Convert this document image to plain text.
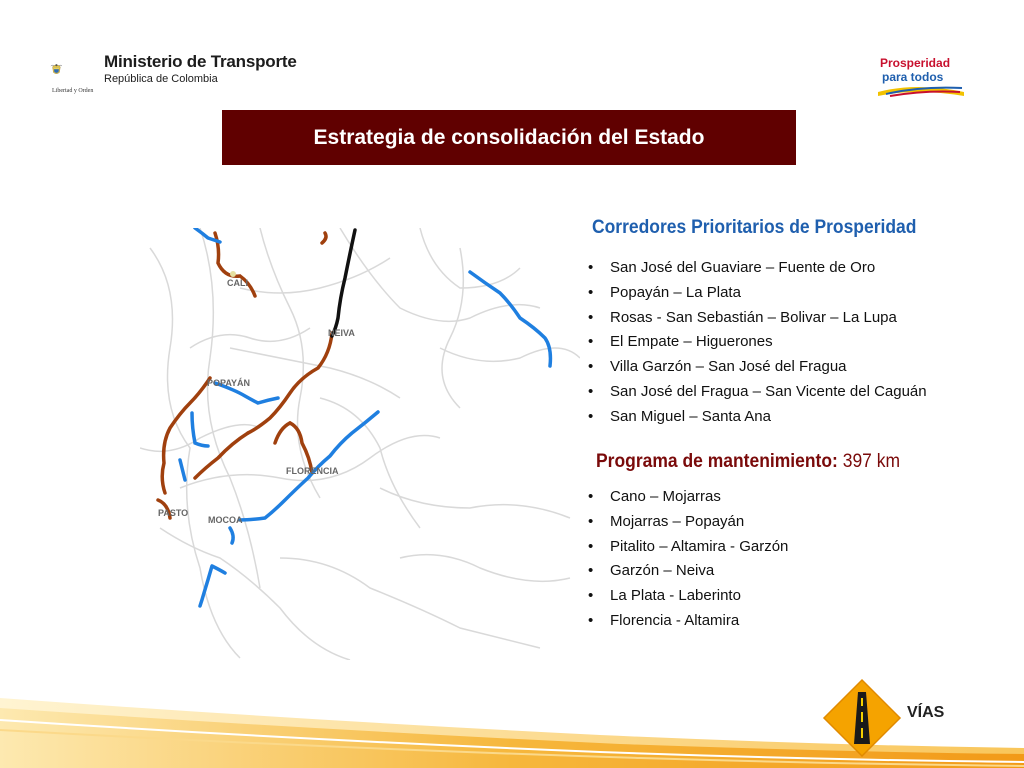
Ministerio de Transporte
República de Colombia
Libertad y Orden
Prosperidad
para todos
Estrategia de consolidación del Estado
CALI
NEIVA
POPAYÁN
FLORENCIA
PASTO
MOCOA
Corredores Prioritarios de Prosperidad
• San José del Guaviare – Fuente de Oro
• Popayán – La Plata
• Rosas - San Sebastián – Bolivar – La Lupa
• El Empate – Higuerones
• Villa Garzón – San José del Fragua
• San José del Fragua – San Vicente del Caguán
• San Miguel – Santa Ana
Programa de mantenimiento: 397 km
• Cano – Mojarras
• Mojarras – Popayán
• Pitalito – Altamira - Garzón
• Garzón – Neiva
• La Plata - Laberinto
• Florencia - Altamira
VÍAS
